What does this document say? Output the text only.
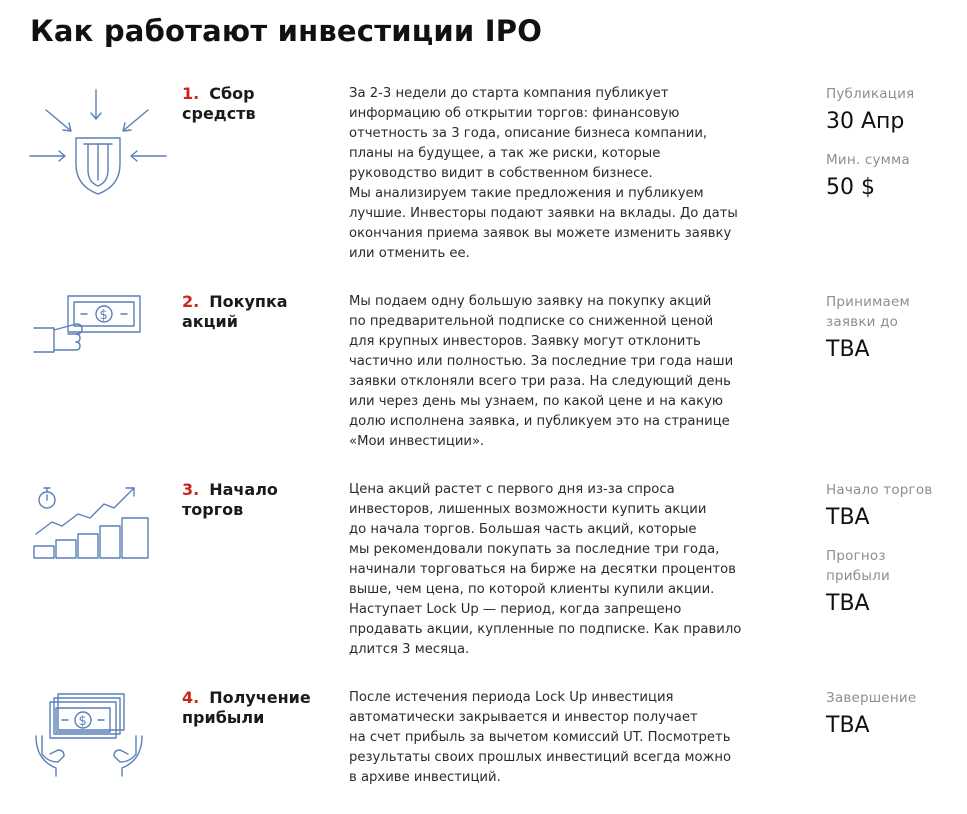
Как работают инвестиции IPO
1. Сбор средств

За 2-3 недели до старта компания публикует

информацию об открытии торгов: финансовую

отчетность за 3 года, описание бизнеса компании,

планы на будущее, а так же риски, которые

руководство видит в собственном бизнесе.

Мы анализируем такие предложения и публикуем

лучшие. Инвесторы подают заявки на вклады. До даты

окончания приема заявок вы можете изменить заявку

или отменить ее.

Публикация
30 Апр
Мин. сумма
50 $
$
2. Покупка акций

Мы подаем одну большую заявку на покупку акций

по предварительной подписке со сниженной ценой

для крупных инвесторов. Заявку могут отклонить

частично или полностью. За последние три года наши

заявки отклоняли всего три раза. На следующий день

или через день мы узнаем, по какой цене и на какую

долю исполнена заявка, и публикуем это на странице

«Мои инвестиции».

Принимаем заявки до
TBA
3. Начало торгов

Цена акций растет с первого дня из-за спроса

инвесторов, лишенных возможности купить акции

до начала торгов. Большая часть акций, которые

мы рекомендовали покупать за последние три года,

начинали торговаться на бирже на десятки процентов

выше, чем цена, по которой клиенты купили акции.

Наступает Lock Up — период, когда запрещено

продавать акции, купленные по подписке. Как правило

длится 3 месяца.

Начало торгов
TBA
Прогноз прибыли
TBA
$
4. Получение прибыли

После истечения периода Lock Up инвестиция

автоматически закрывается и инвестор получает

на счет прибыль за вычетом комиссий UT. Посмотреть

результаты своих прошлых инвестиций всегда можно

в архиве инвестиций.

Завершение
TBA
